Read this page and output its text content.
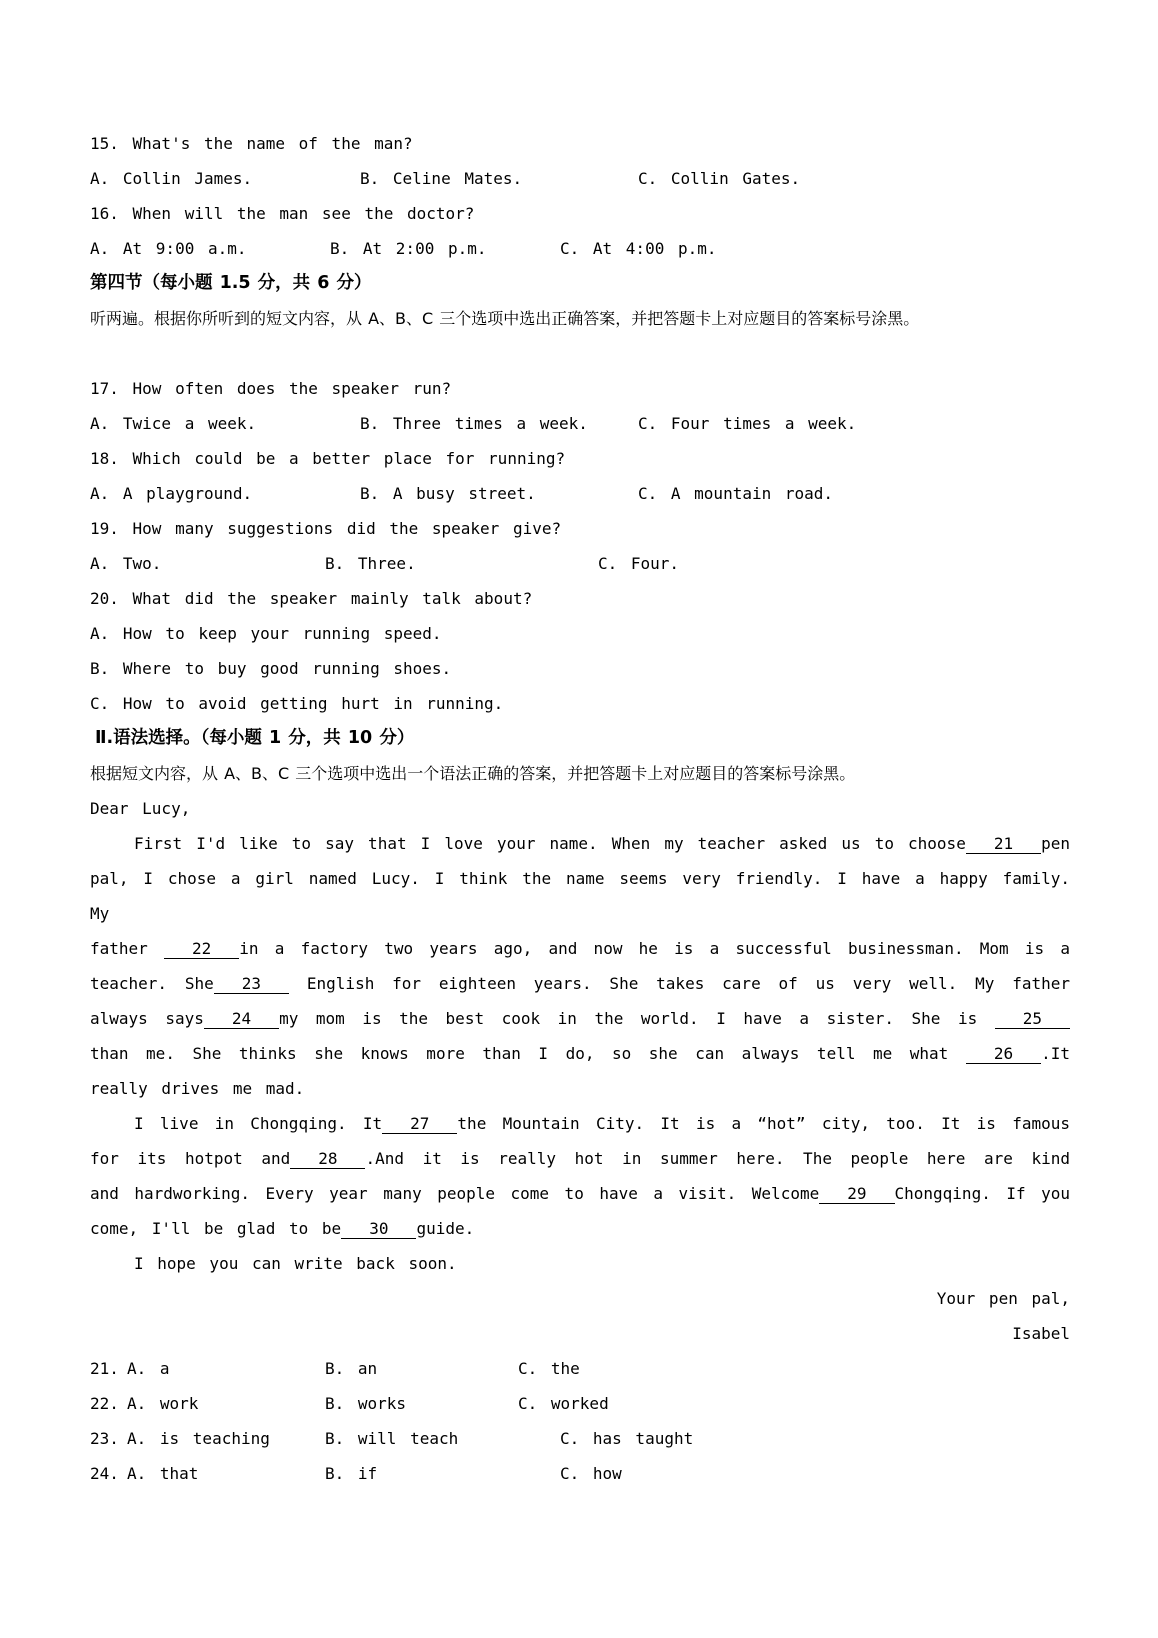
15. What's the name of the man?
A. Collin James.	B. Celine Mates.	C. Collin Gates.
16. When will the man see the doctor?
A. At 9:00 a.m.	B. At 2:00 p.m.	C. At 4:00 p.m.
第四节（每小题 1.5 分，共 6 分）
听两遍。根据你所听到的短文内容，从 A、B、C 三个选项中选出正确答案，并把答题卡上对应题目的答案标号涂黑。
17. How often does the speaker run?
A. Twice a week.	B. Three times a week.	C. Four times a week.
18. Which could be a better place for running?
A. A playground.	B. A busy street.	C. A mountain road.
19. How many suggestions did the speaker give?
A. Two.	B. Three.	C. Four.
20. What did the speaker mainly talk about?
A. How to keep your running speed.
B. Where to buy good running shoes.
C. How to avoid getting hurt in running.
Ⅱ.语法选择。（每小题 1 分，共 10 分）
根据短文内容，从 A、B、C 三个选项中选出一个语法正确的答案，并把答题卡上对应题目的答案标号涂黑。
Dear Lucy,
First I'd like to say that I love your name. When my teacher asked us to choose 21 pen
pal, I chose a girl named Lucy. I think the name seems very friendly. I have a happy family. My
father 22 in a factory two years ago, and now he is a successful businessman. Mom is a
teacher. She 23 English for eighteen years. She takes care of us very well. My father
always says 24 my mom is the best cook in the world. I have a sister. She is 25
than me. She thinks she knows more than I do, so she can always tell me what 26 .It
really drives me mad.
I live in Chongqing. It 27 the Mountain City. It is a “hot” city, too. It is famous
for its hotpot and 28 .And it is really hot in summer here. The people here are kind
and hardworking. Every year many people come to have a visit. Welcome 29 Chongqing. If you
come, I'll be glad to be 30 guide.
I hope you can write back soon.
Your pen pal,
Isabel
21. A. a	B. an	C. the
22. A. work	B. works	C. worked
23. A. is teaching	B. will teach	C. has taught
24. A. that	B. if	C. how
